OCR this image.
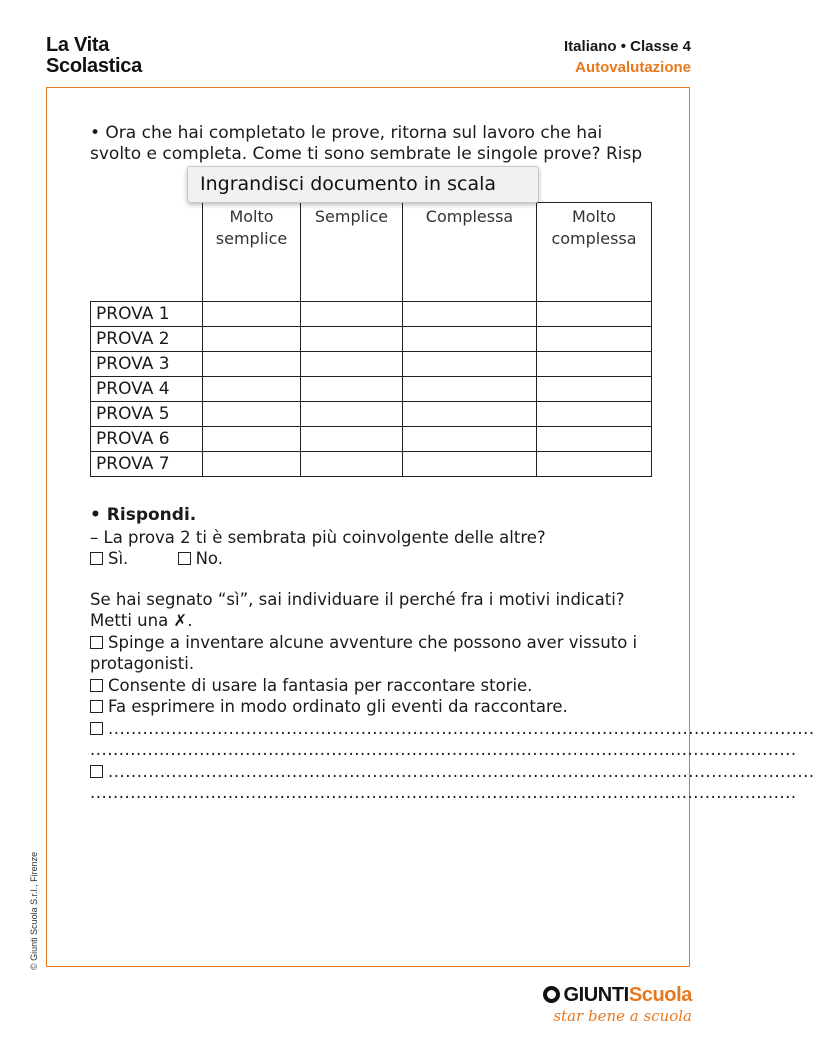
La Vita
Scolastica
Italiano • Classe 4
Autovalutazione
© Giunti Scuola S.r.l., Firenze
• Ora che hai completato le prove, ritorna sul lavoro che hai svolto e completa. Come ti sono sembrate le singole prove? Risp
	Molto
semplice	Semplice	Complessa	Molto
complessa
PROVA 1				
PROVA 2				
PROVA 3				
PROVA 4				
PROVA 5				
PROVA 6				
PROVA 7				
Ingrandisci documento in scala

• Rispondi.

– La prova 2 ti è sembrata più coinvolgente delle altre?

Sì.	No.

Se hai segnato “sì”, sai individuare il perché fra i motivi indicati?

Metti una ✗.

Spinge a inventare alcune avventure che possono aver vissuto i protagonisti.

Consente di usare la fantasia per raccontare storie.

Fa esprimere in modo ordinato gli eventi da raccontare.

...........................................................................................................................

...........................................................................................................................

...........................................................................................................................

...........................................................................................................................

GIUNTIScuola
star bene a scuola
